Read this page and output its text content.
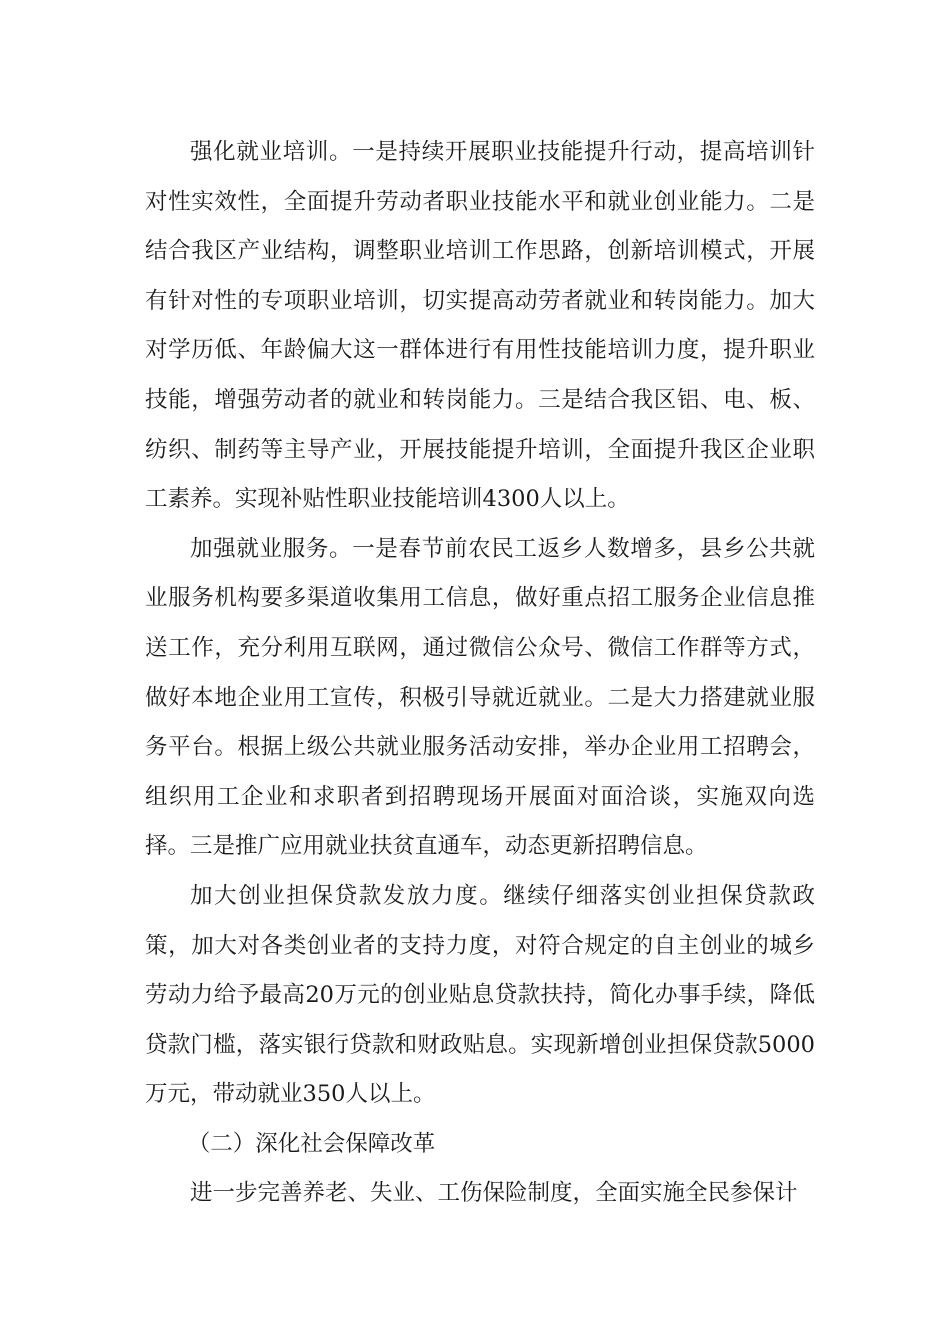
强化就业培训。一是持续开展职业技能提升行动，提高培训针对性实效性，全面提升劳动者职业技能水平和就业创业能力。二是结合我区产业结构，调整职业培训工作思路，创新培训模式，开展有针对性的专项职业培训，切实提高动劳者就业和转岗能力。加大对学历低、年龄偏大这一群体进行有用性技能培训力度，提升职业技能，增强劳动者的就业和转岗能力。三是结合我区铝、电、板、纺织、制药等主导产业，开展技能提升培训，全面提升我区企业职工素养。实现补贴性职业技能培训4300人以上。

加强就业服务。一是春节前农民工返乡人数增多，县乡公共就业服务机构要多渠道收集用工信息，做好重点招工服务企业信息推送工作，充分利用互联网，通过微信公众号、微信工作群等方式，做好本地企业用工宣传，积极引导就近就业。二是大力搭建就业服务平台。根据上级公共就业服务活动安排，举办企业用工招聘会，组织用工企业和求职者到招聘现场开展面对面洽谈，实施双向选择。三是推广应用就业扶贫直通车，动态更新招聘信息。

加大创业担保贷款发放力度。继续仔细落实创业担保贷款政策，加大对各类创业者的支持力度，对符合规定的自主创业的城乡劳动力给予最高20万元的创业贴息贷款扶持，简化办事手续，降低贷款门槛，落实银行贷款和财政贴息。实现新增创业担保贷款5000万元，带动就业350人以上。

（二）深化社会保障改革

进一步完善养老、失业、工伤保险制度，全面实施全民参保计
